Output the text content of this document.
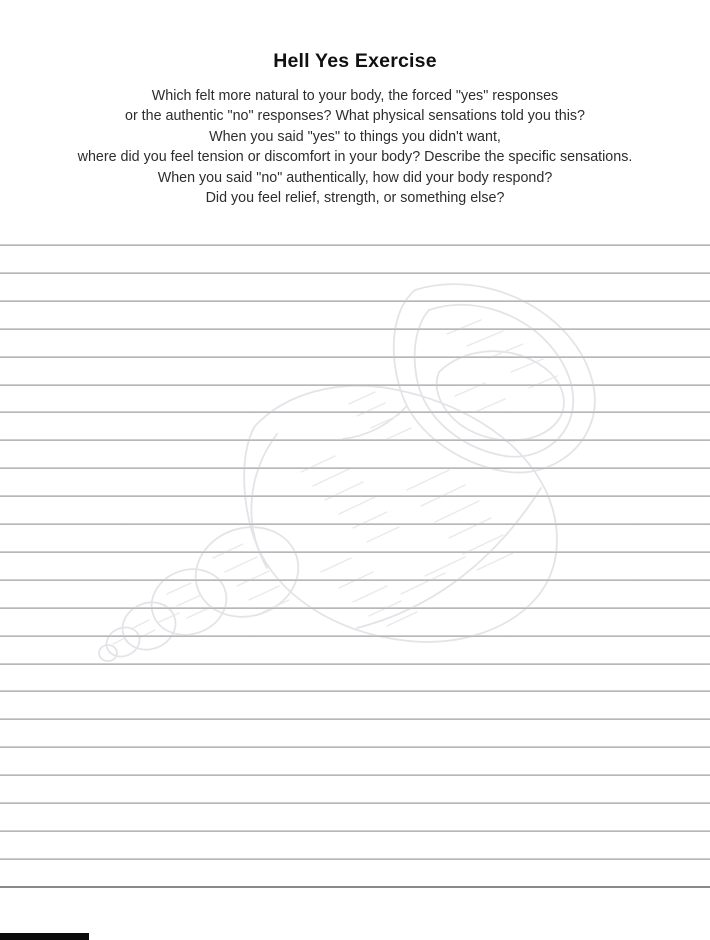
Hell Yes Exercise
Which felt more natural to your body, the forced "yes" responses
or the authentic "no" responses? What physical sensations told you this?
When you said "yes" to things you didn't want,
where did you feel tension or discomfort in your body? Describe the specific sensations.
When you said "no" authentically, how did your body respond?
Did you feel relief, strength, or something else?
